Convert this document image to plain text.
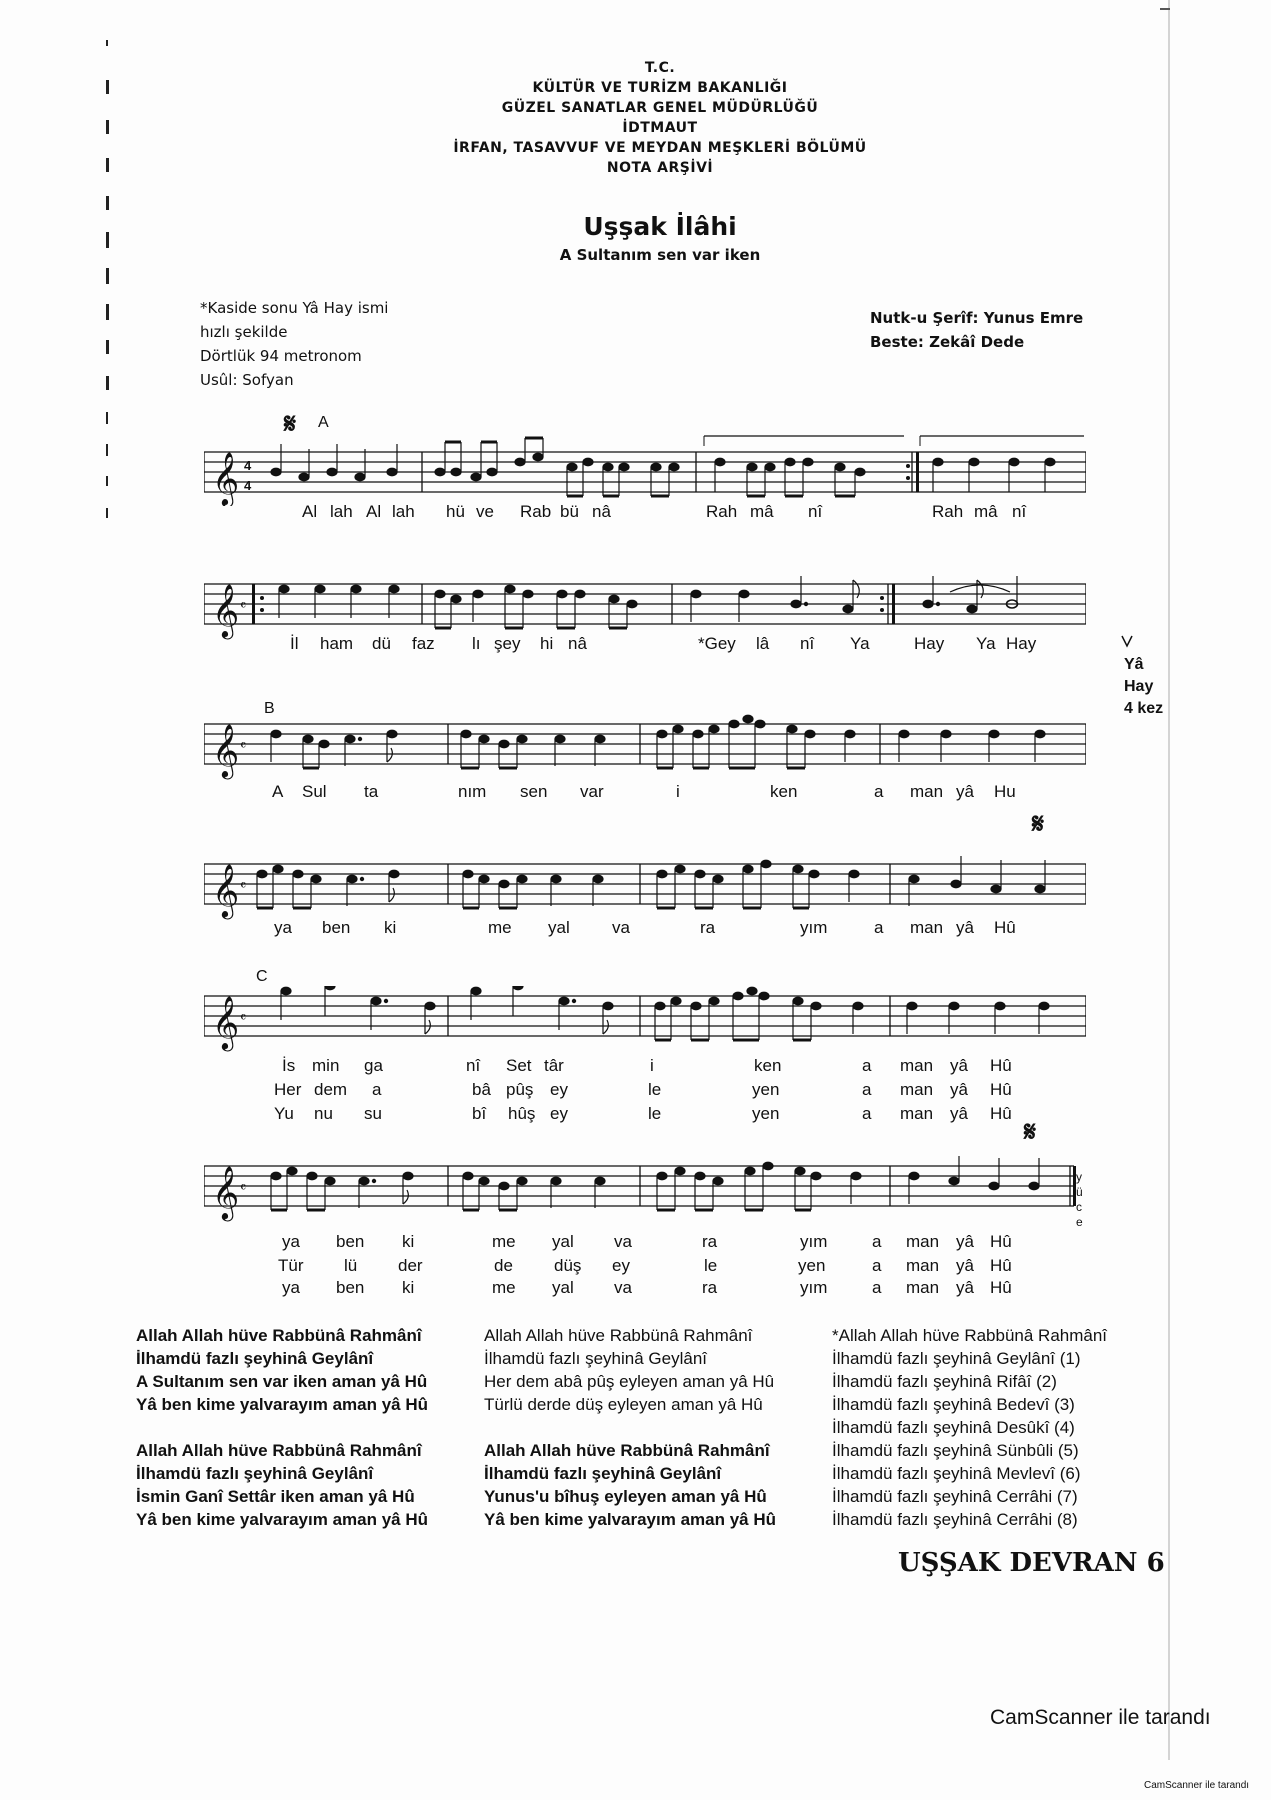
T.C.
KÜLTÜR VE TURİZM BAKANLIĞI
GÜZEL SANATLAR GENEL MÜDÜRLÜĞÜ
İDTMAUT
İRFAN, TASAVVUF VE MEYDAN MEŞKLERİ BÖLÜMÜ
NOTA ARŞİVİ
Uşşak İlâhi
A Sultanım sen var iken
*Kaside sonu Yâ Hay ismi
hızlı şekilde
Dörtlük 94 metronom
Usûl: Sofyan
Nutk-u Şerîf: Yunus Emre
Beste: Zekâî Dede
𝄋 A
𝄞 4
4
Al lah Al lah hü ve Rab bü nâ	Rah mâ nî	Rah mâ nî
𝄞 𝄴
Yâ
Hay
4 kez
İl ham dü faz lı şey hi nâ	*Gey lâ nî Ya	Hay Ya Hay
B
𝄞 𝄴
A Sul ta	nım sen var	i	ken	a man yâ Hu
𝄋
𝄞 𝄴
ya ben ki	me yal va	ra	yım	a man yâ Hû
C
𝄞 𝄴
İs min ga	nî Set târ	i	ken	a man yâ Hû
Her dem a	bâ pûş ey	le	yen	a man yâ Hû
Yu nu su	bî hûş ey	le	yen	a man yâ Hû
𝄋
𝄞 𝄴
y
ü
c
e
ya ben ki	me yal va	ra	yım	a man yâ Hû
Tür lü der	de düş ey	le	yen	a man yâ Hû
ya ben ki	me yal va	ra	yım	a man yâ Hû
Allah Allah hüve Rabbünâ Rahmânî
İlhamdü fazlı şeyhinâ Geylânî
A Sultanım sen var iken aman yâ Hû
Yâ ben kime yalvarayım aman yâ Hû
Allah Allah hüve Rabbünâ Rahmânî
İlhamdü fazlı şeyhinâ Geylânî
İsmin Ganî Settâr iken aman yâ Hû
Yâ ben kime yalvarayım aman yâ Hû
Allah Allah hüve Rabbünâ Rahmânî
İlhamdü fazlı şeyhinâ Geylânî
Her dem abâ pûş eyleyen aman yâ Hû
Türlü derde düş eyleyen aman yâ Hû
Allah Allah hüve Rabbünâ Rahmânî
İlhamdü fazlı şeyhinâ Geylânî
Yunus'u bîhuş eyleyen aman yâ Hû
Yâ ben kime yalvarayım aman yâ Hû
*Allah Allah hüve Rabbünâ Rahmânî
İlhamdü fazlı şeyhinâ Geylânî (1)
İlhamdü fazlı şeyhinâ Rifâî (2)
İlhamdü fazlı şeyhinâ Bedevî (3)
İlhamdü fazlı şeyhinâ Desûkî (4)
İlhamdü fazlı şeyhinâ Sünbûli (5)
İlhamdü fazlı şeyhinâ Mevlevî (6)
İlhamdü fazlı şeyhinâ Cerrâhi (7)
İlhamdü fazlı şeyhinâ Cerrâhi (8)
UŞŞAK DEVRAN 6
CamScanner ile tarandı
CamScanner ile tarandı
